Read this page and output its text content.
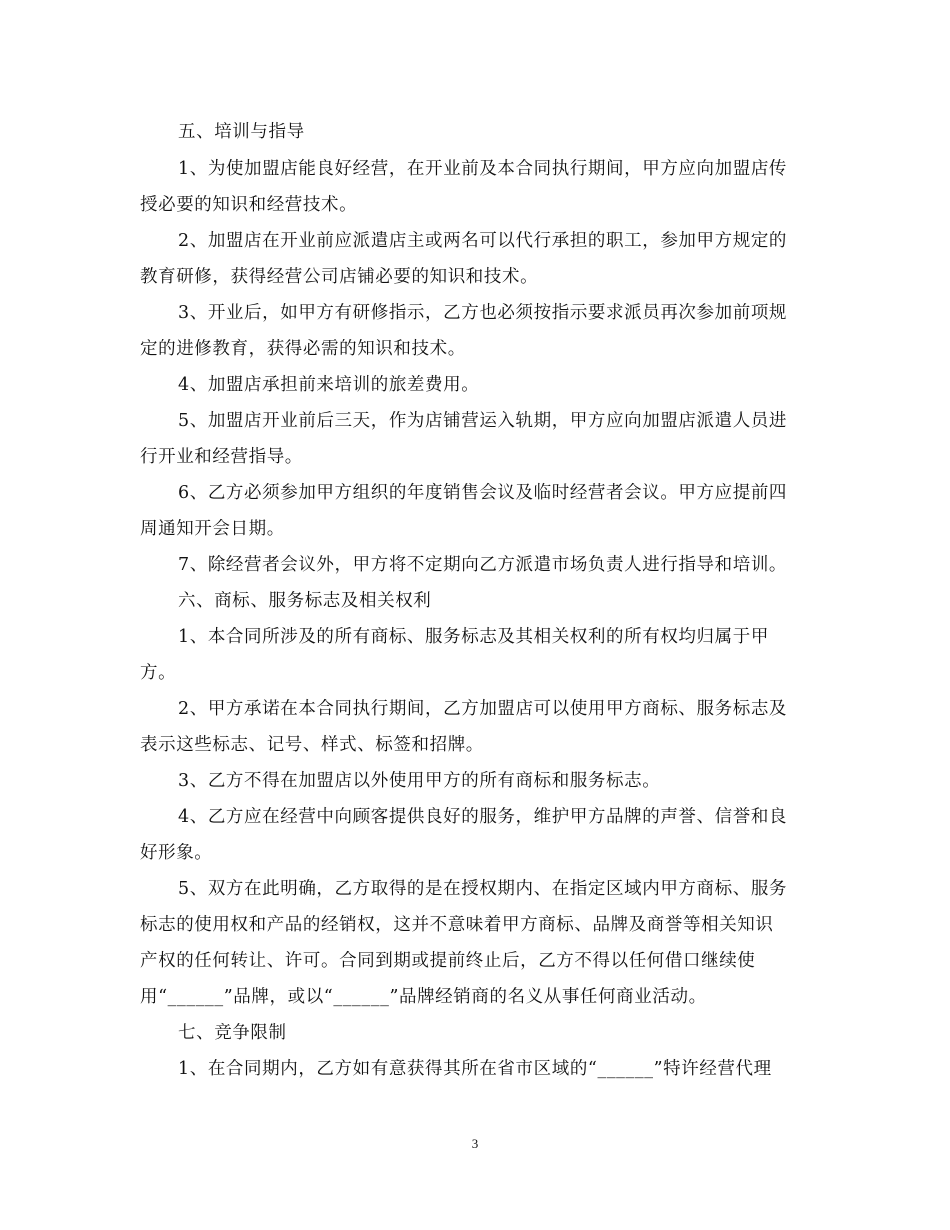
五、培训与指导
1、为使加盟店能良好经营，在开业前及本合同执行期间，甲方应向加盟店传
授必要的知识和经营技术。
2、加盟店在开业前应派遣店主或两名可以代行承担的职工，参加甲方规定的
教育研修，获得经营公司店铺必要的知识和技术。
3、开业后，如甲方有研修指示，乙方也必须按指示要求派员再次参加前项规
定的进修教育，获得必需的知识和技术。
4、加盟店承担前来培训的旅差费用。
5、加盟店开业前后三天，作为店铺营运入轨期，甲方应向加盟店派遣人员进
行开业和经营指导。
6、乙方必须参加甲方组织的年度销售会议及临时经营者会议。甲方应提前四
周通知开会日期。
7、除经营者会议外，甲方将不定期向乙方派遣市场负责人进行指导和培训。
六、商标、服务标志及相关权利
1、本合同所涉及的所有商标、服务标志及其相关权利的所有权均归属于甲
方。
2、甲方承诺在本合同执行期间，乙方加盟店可以使用甲方商标、服务标志及
表示这些标志、记号、样式、标签和招牌。
3、乙方不得在加盟店以外使用甲方的所有商标和服务标志。
4、乙方应在经营中向顾客提供良好的服务，维护甲方品牌的声誉、信誉和良
好形象。
5、双方在此明确，乙方取得的是在授权期内、在指定区域内甲方商标、服务
标志的使用权和产品的经销权，这并不意味着甲方商标、品牌及商誉等相关知识
产权的任何转让、许可。合同到期或提前终止后，乙方不得以任何借口继续使
用“______”品牌，或以“______”品牌经销商的名义从事任何商业活动。
七、竞争限制
1、在合同期内，乙方如有意获得其所在省市区域的“______”特许经营代理
3
